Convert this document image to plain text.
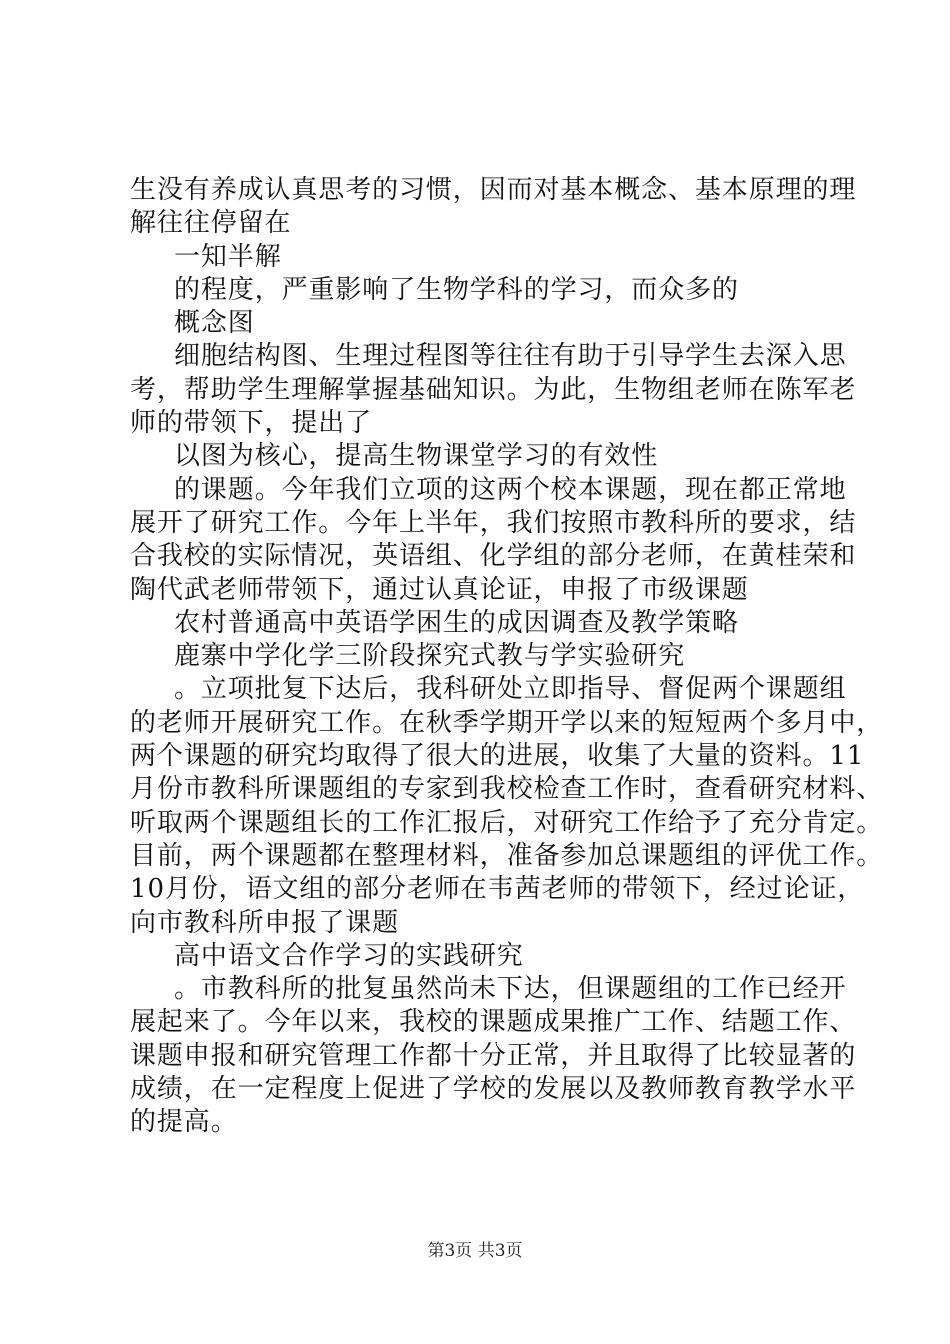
生没有养成认真思考的习惯，因而对基本概念、基本原理的理
解往往停留在
一知半解
的程度，严重影响了生物学科的学习，而众多的
概念图
细胞结构图、生理过程图等往往有助于引导学生去深入思
考，帮助学生理解掌握基础知识。为此，生物组老师在陈军老
师的带领下，提出了
以图为核心，提高生物课堂学习的有效性
的课题。今年我们立项的这两个校本课题，现在都正常地
展开了研究工作。今年上半年，我们按照市教科所的要求，结
合我校的实际情况，英语组、化学组的部分老师，在黄桂荣和
陶代武老师带领下，通过认真论证，申报了市级课题
农村普通高中英语学困生的成因调查及教学策略
鹿寨中学化学三阶段探究式教与学实验研究
。立项批复下达后，我科研处立即指导、督促两个课题组
的老师开展研究工作。在秋季学期开学以来的短短两个多月中，
两个课题的研究均取得了很大的进展，收集了大量的资料。11
月份市教科所课题组的专家到我校检查工作时，查看研究材料、
听取两个课题组长的工作汇报后，对研究工作给予了充分肯定。
目前，两个课题都在整理材料，准备参加总课题组的评优工作。
10月份，语文组的部分老师在韦茜老师的带领下，经过论证，
向市教科所申报了课题
高中语文合作学习的实践研究
。市教科所的批复虽然尚未下达，但课题组的工作已经开
展起来了。今年以来，我校的课题成果推广工作、结题工作、
课题申报和研究管理工作都十分正常，并且取得了比较显著的
成绩，在一定程度上促进了学校的发展以及教师教育教学水平
的提高。
第3页 共3页
